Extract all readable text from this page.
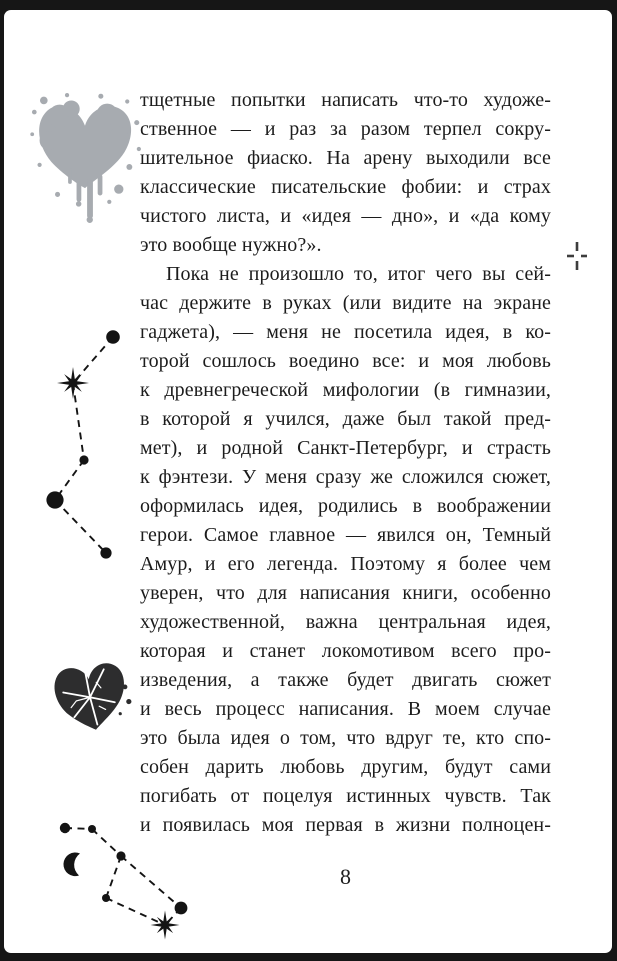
тщетные попытки написать что-то художе-
ственное — и раз за разом терпел сокру-
шительное фиаско. На арену выходили все
классические писательские фобии: и страх
чистого листа, и «идея — дно», и «да кому
это вообще нужно?».
Пока не произошло то, итог чего вы сей-
час держите в руках (или видите на экране
гаджета), — меня не посетила идея, в ко-
торой сошлось воедино все: и моя любовь
к древнегреческой мифологии (в гимназии,
в которой я учился, даже был такой пред-
мет), и родной Санкт-Петербург, и страсть
к фэнтези. У меня сразу же сложился сюжет,
оформилась идея, родились в воображении
герои. Самое главное — явился он, Темный
Амур, и его легенда. Поэтому я более чем
уверен, что для написания книги, особенно
художественной, важна центральная идея,
которая и станет локомотивом всего про-
изведения, а также будет двигать сюжет
и весь процесс написания. В моем случае
это была идея о том, что вдруг те, кто спо-
собен дарить любовь другим, будут сами
погибать от поцелуя истинных чувств. Так
и появилась моя первая в жизни полноцен-
8
